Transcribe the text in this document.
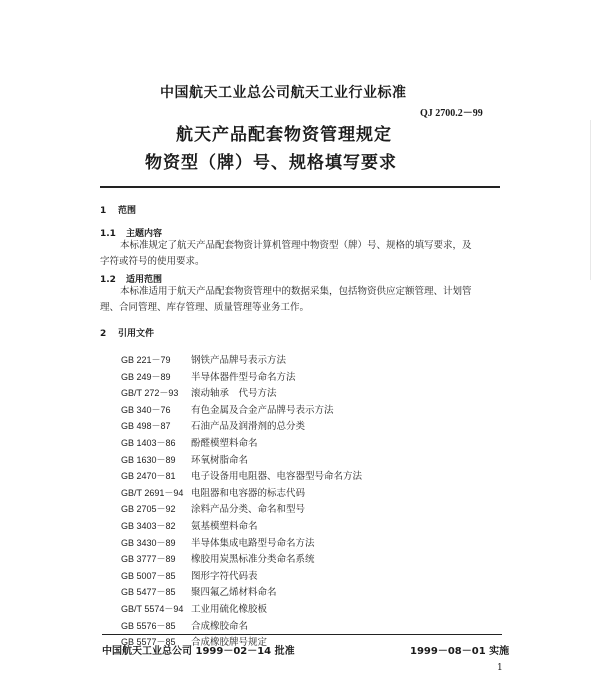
中国航天工业总公司航天工业行业标准
QJ 2700.2－99
航天产品配套物资管理规定
物资型（牌）号、规格填写要求
1 范围
1.1 主题内容
本标准规定了航天产品配套物资计算机管理中物资型（牌）号、规格的填写要求，及
字符或符号的使用要求。
1.2 适用范围
本标准适用于航天产品配套物资管理中的数据采集，包括物资供应定额管理、计划管
理、合同管理、库存管理、质量管理等业务工作。
2 引用文件
GB 221－79 钢铁产品牌号表示方法
GB 249－89 半导体器件型号命名方法
GB/T 272－93 滚动轴承　代号方法
GB 340－76 有色金属及合金产品牌号表示方法
GB 498－87 石油产品及润滑剂的总分类
GB 1403－86 酚醛模塑料命名
GB 1630－89 环氧树脂命名
GB 2470－81 电子设备用电阻器、电容器型号命名方法
GB/T 2691－94 电阻器和电容器的标志代码
GB 2705－92 涂料产品分类、命名和型号
GB 3403－82 氨基模塑料命名
GB 3430－89 半导体集成电路型号命名方法
GB 3777－89 橡胶用炭黑标准分类命名系统
GB 5007－85 图形字符代码表
GB 5477－85 聚四氟乙烯材料命名
GB/T 5574－94 工业用硫化橡胶板
GB 5576－85 合成橡胶命名
GB 5577－85 合成橡胶牌号规定
中国航天工业总公司 1999－02－14 批准	1999－08－01 实施
1
